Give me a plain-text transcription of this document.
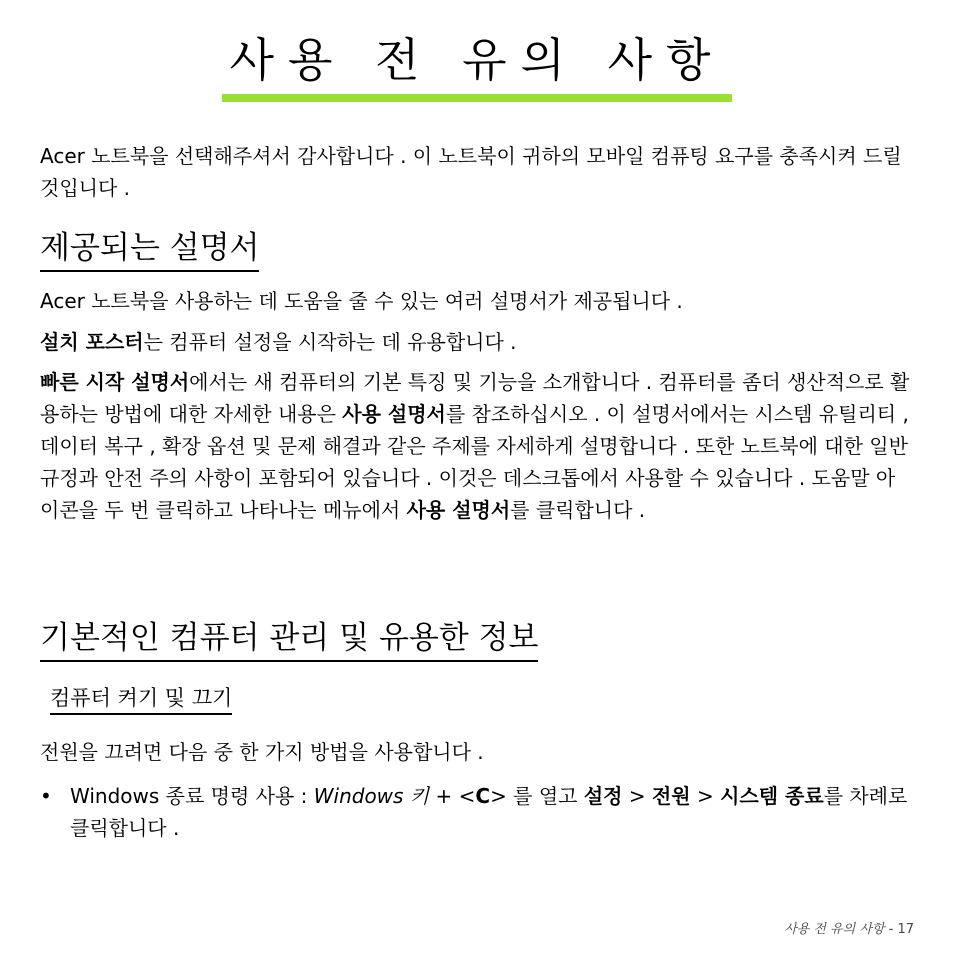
사용 전 유의 사항

Acer 노트북을 선택해주셔서 감사합니다 . 이 노트북이 귀하의 모바일 컴퓨팅 요구를 충족시켜 드릴 것입니다 .

제공되는 설명서

Acer 노트북을 사용하는 데 도움을 줄 수 있는 여러 설명서가 제공됩니다 .

설치 포스터는 컴퓨터 설정을 시작하는 데 유용합니다 .

빠른 시작 설명서에서는 새 컴퓨터의 기본 특징 및 기능을 소개합니다 . 컴퓨터를 좀더 생산적으로 활용하는 방법에 대한 자세한 내용은 사용 설명서를 참조하십시오 . 이 설명서에서는 시스템 유틸리티 , 데이터 복구 , 확장 옵션 및 문제 해결과 같은 주제를 자세하게 설명합니다 . 또한 노트북에 대한 일반 규정과 안전 주의 사항이 포함되어 있습니다 . 이것은 데스크톱에서 사용할 수 있습니다 . 도움말 아이콘을 두 번 클릭하고 나타나는 메뉴에서 사용 설명서를 클릭합니다 .

기본적인 컴퓨터 관리 및 유용한 정보
컴퓨터 켜기 및 끄기

전원을 끄려면 다음 중 한 가지 방법을 사용합니다 .

• Windows 종료 명령 사용 : Windows 키 + <C> 를 열고 설정 > 전원 > 시스템 종료를 차례로 클릭합니다 .

사용 전 유의 사항 - 17
